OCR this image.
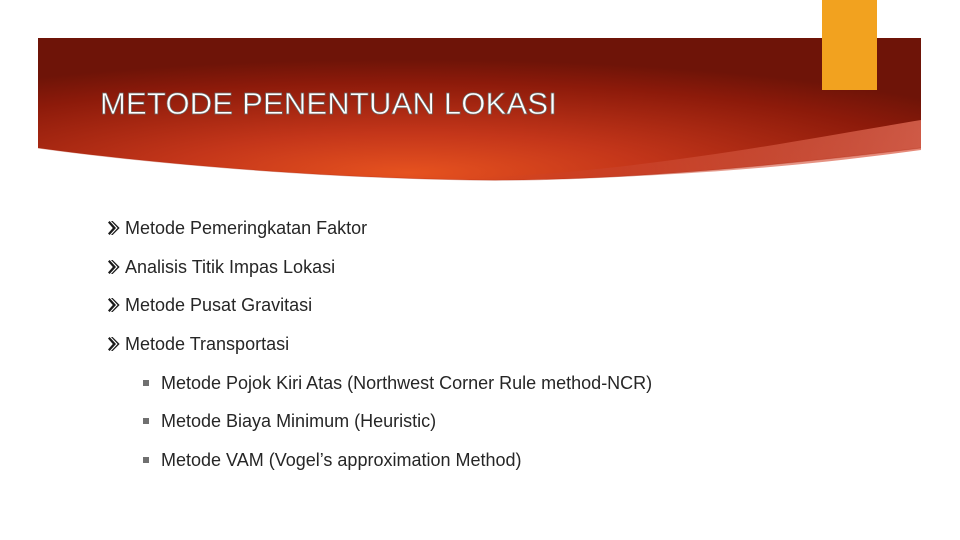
METODE PENENTUAN LOKASI
Metode Pemeringkatan Faktor
Analisis Titik Impas Lokasi
Metode Pusat Gravitasi
Metode Transportasi
Metode Pojok Kiri Atas (Northwest Corner Rule method-NCR)
Metode Biaya Minimum (Heuristic)
Metode VAM (Vogel’s approximation Method)
